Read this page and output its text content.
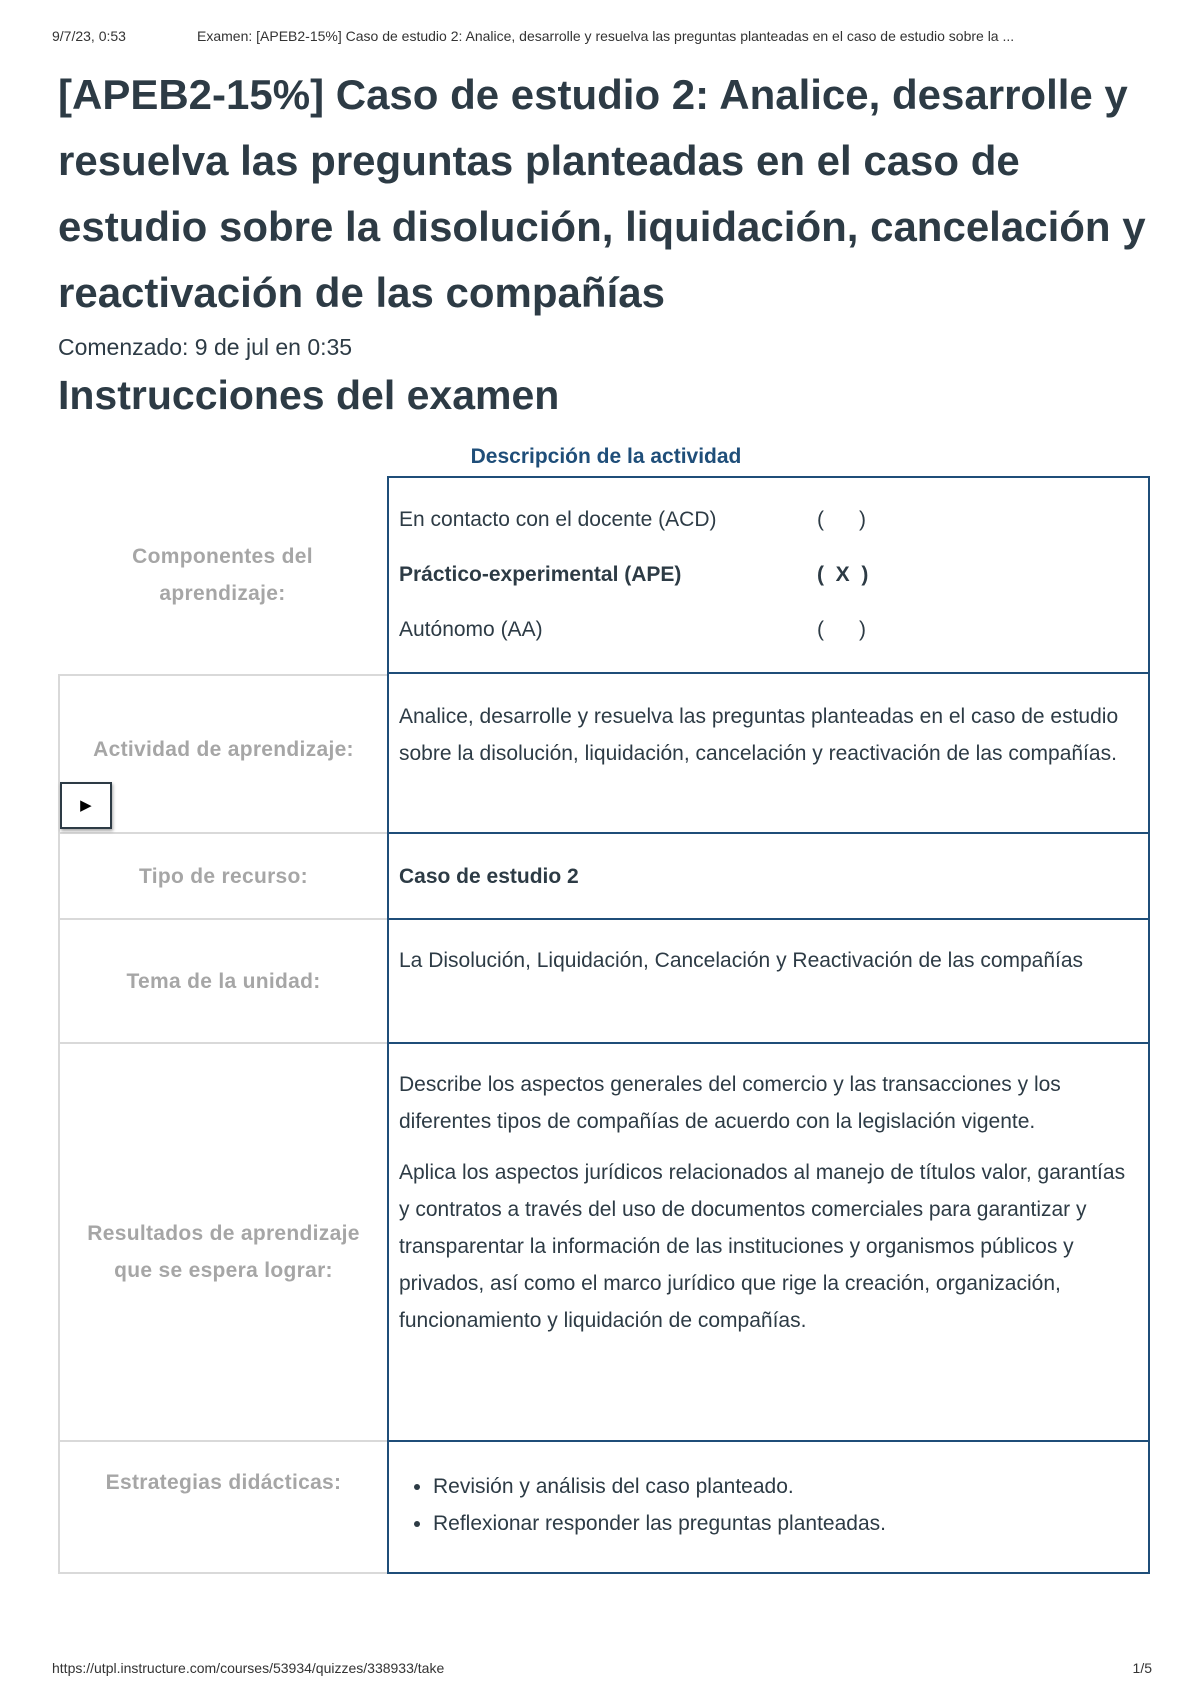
9/7/23, 0:53	Examen: [APEB2-15%] Caso de estudio 2: Analice, desarrolle y resuelva las preguntas planteadas en el caso de estudio sobre la ...
[APEB2-15%] Caso de estudio 2: Analice, desarrolle y resuelva las preguntas planteadas en el caso de estudio sobre la disolución, liquidación, cancelación y reactivación de las compañías
Comenzado: 9 de jul en 0:35
Instrucciones del examen
Descripción de la actividad
Componentes del aprendizaje:
En contacto con el docente (ACD)	(      )
Práctico-experimental (APE)	(  X  )
Autónomo (AA)	(      )
Actividad de aprendizaje:
▶

Analice, desarrolle y resuelva las preguntas planteadas en el caso de estudio sobre la disolución, liquidación, cancelación y reactivación de las compañías.

Tipo de recurso:	Caso de estudio 2
Tema de la unidad:

La Disolución, Liquidación, Cancelación y Reactivación de las compañías

Resultados de aprendizaje que se espera lograr:

Describe los aspectos generales del comercio y las transacciones y los diferentes tipos de compañías de acuerdo con la legislación vigente.

Aplica los aspectos jurídicos relacionados al manejo de títulos valor, garantías y contratos a través del uso de documentos comerciales para garantizar y transparentar la información de las instituciones y organismos públicos y privados, así como el marco jurídico que rige la creación, organización, funcionamiento y liquidación de compañías.

Estrategias didácticas:
•	Revisión y análisis del caso planteado.
• Reflexionar responder las preguntas planteadas.
https://utpl.instructure.com/courses/53934/quizzes/338933/take	1/5
